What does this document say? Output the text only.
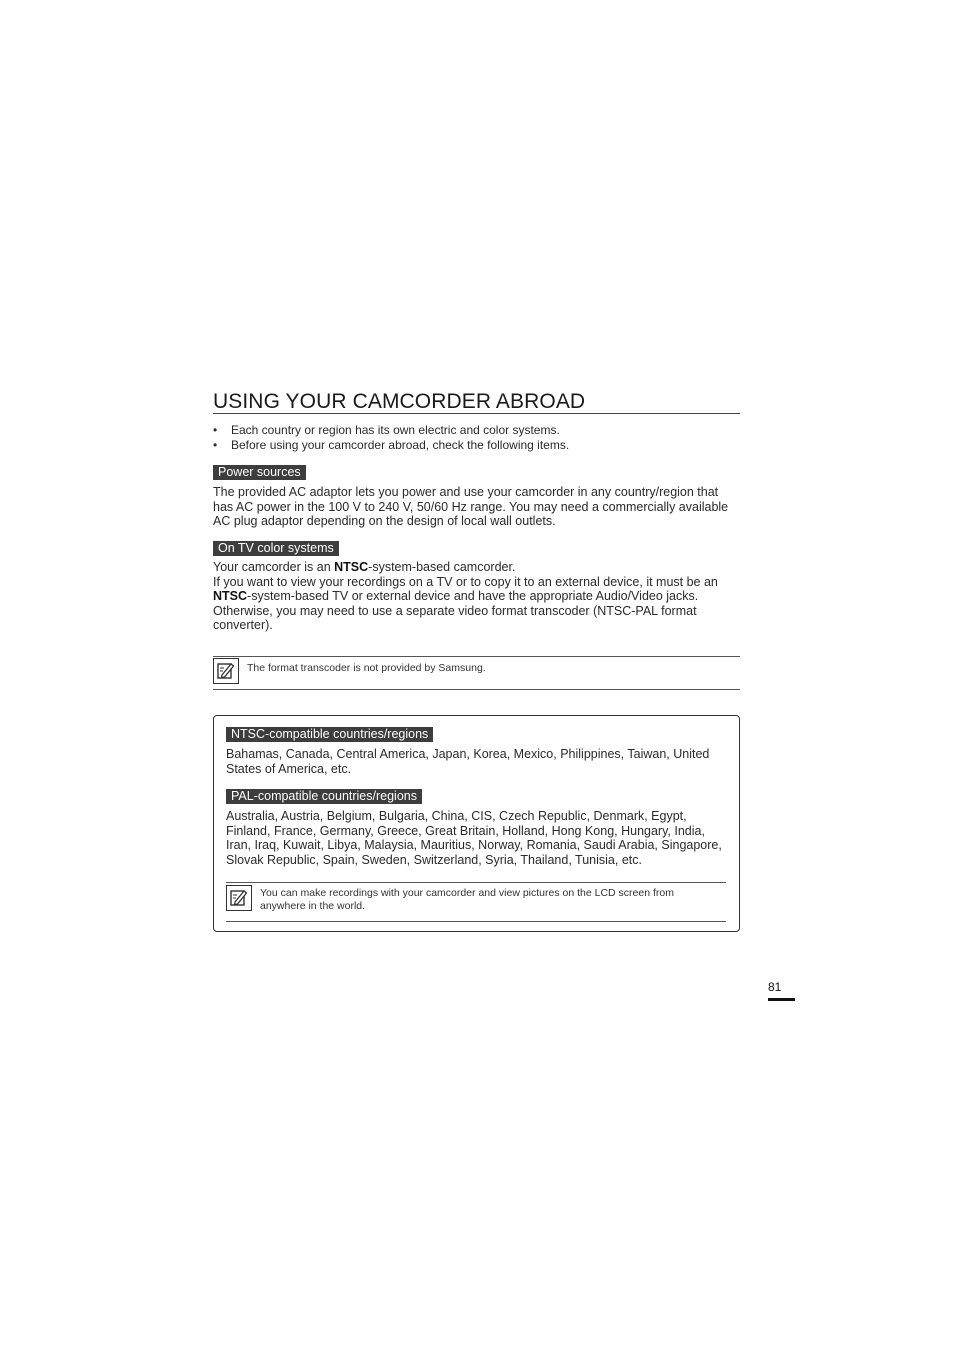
USING YOUR CAMCORDER ABROAD
• Each country or region has its own electric and color systems.
• Before using your camcorder abroad, check the following items.
Power sources
The provided AC adaptor lets you power and use your camcorder in any country/region that has AC power in the 100 V to 240 V, 50/60 Hz range. You may need a commercially available AC plug adaptor depending on the design of local wall outlets.
On TV color systems
Your camcorder is an NTSC-system-based camcorder.
If you want to view your recordings on a TV or to copy it to an external device, it must be an NTSC-system-based TV or external device and have the appropriate Audio/Video jacks. Otherwise, you may need to use a separate video format transcoder (NTSC-PAL format converter).
The format transcoder is not provided by Samsung.
NTSC-compatible countries/regions
Bahamas, Canada, Central America, Japan, Korea, Mexico, Philippines, Taiwan, United States of America, etc.
PAL-compatible countries/regions
Australia, Austria, Belgium, Bulgaria, China, CIS, Czech Republic, Denmark, Egypt, Finland, France, Germany, Greece, Great Britain, Holland, Hong Kong, Hungary, India, Iran, Iraq, Kuwait, Libya, Malaysia, Mauritius, Norway, Romania, Saudi Arabia, Singapore, Slovak Republic, Spain, Sweden, Switzerland, Syria, Thailand, Tunisia, etc.
You can make recordings with your camcorder and view pictures on the LCD screen from anywhere in the world.
81
